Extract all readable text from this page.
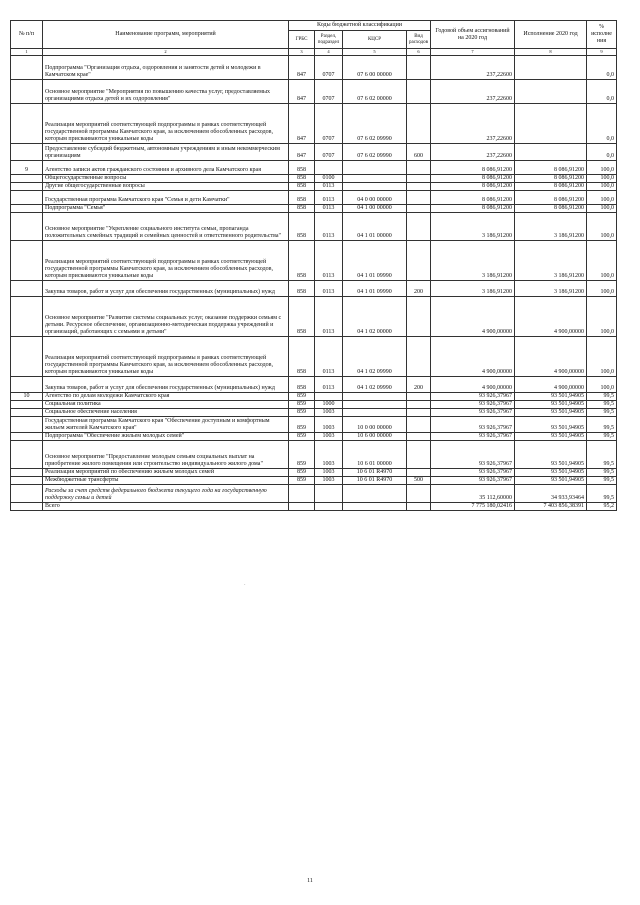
№ п/п	Наименование программ, мероприятий	Коды бюджетной классификации				Годовой объем ассигнований на 2020 год	Исполнение 2020 год	% исполне ния
		ГРБС	Раздел, подраздел	КЦСР	Вид расходов			
1	2	3	4	5	6	7	8	9
	Подпрограмма "Организация отдыха, оздоровления и занятости детей и молодежи в Камчатском крае"	847	0707	07 6 00 00000		237,22600		0,0
	Основное мероприятие "Мероприятия по повышению качества услуг, предоставляемых организациями отдыха детей и их оздоровления"	847	0707	07 6 02 00000		237,22600		0,0
	Реализация мероприятий соответствующей подпрограммы в рамках соответствующей государственной программы Камчатского края, за исключением обособленных расходов, которым присваиваются уникальные коды	847	0707	07 6 02 09990		237,22600		0,0
	Предоставление субсидий бюджетным, автономным учреждениям и иным некоммерческим организациям	847	0707	07 6 02 09990	600	237,22600		0,0
9	Агентство записи актов гражданского состояния и архивного дела Камчатского края	858				8 086,91200	8 086,91200	100,0
	Общегосударственные вопросы	858	0100			8 086,91200	8 086,91200	100,0
	Другие общегосударственные вопросы	858	0113			8 086,91200	8 086,91200	100,0
	Государственная программа Камчатского края "Семья и дети Камчатки"	858	0113	04 0 00 00000		8 086,91200	8 086,91200	100,0
	Подпрограмма "Семья"	858	0113	04 1 00 00000		8 086,91200	8 086,91200	100,0
	Основное мероприятие "Укрепление социального института семьи, пропаганда положительных семейных традиций и семейных ценностей и ответственного родительства"	858	0113	04 1 01 00000		3 186,91200	3 186,91200	100,0
	Реализация мероприятий соответствующей подпрограммы в рамках соответствующей государственной программы Камчатского края, за исключением обособленных расходов, которым присваиваются уникальные коды	858	0113	04 1 01 09990		3 186,91200	3 186,91200	100,0
	Закупка товаров, работ и услуг для обеспечения государственных (муниципальных) нужд	858	0113	04 1 01 09990	200	3 186,91200	3 186,91200	100,0
	Основное мероприятие "Развитие системы социальных услуг, оказание поддержки семьям с детьми. Ресурсное обеспечение, организационно-методическая поддержка учреждений и организаций, работающих с семьями и детьми"	858	0113	04 1 02 00000		4 900,00000	4 900,00000	100,0
	Реализация мероприятий соответствующей подпрограммы в рамках соответствующей государственной программы Камчатского края, за исключением обособленных расходов, которым присваиваются уникальные коды	858	0113	04 1 02 09990		4 900,00000	4 900,00000	100,0
	Закупка товаров, работ и услуг для обеспечения государственных (муниципальных) нужд	858	0113	04 1 02 09990	200	4 900,00000	4 900,00000	100,0
10	Агентство по делам молодежи Камчатского края	859				93 926,37967	93 501,94905	99,5
	Социальная политика	859	1000			93 926,37967	93 501,94905	99,5
	Социальное обеспечение населения	859	1003			93 926,37967	93 501,94905	99,5
	Государственная программа Камчатского края "Обеспечение доступным и комфортным жильем жителей Камчатского края"	859	1003	10 0 00 00000		93 926,37967	93 501,94905	99,5
	Подпрограмма "Обеспечение жильем молодых семей"	859	1003	10 6 00 00000		93 926,37967	93 501,94905	99,5
	Основное мероприятие "Предоставление молодым семьям социальных выплат на приобретение жилого помещения или строительство индивидуального жилого дома"	859	1003	10 6 01 00000		93 926,37967	93 501,94905	99,5
	Реализация мероприятий по обеспечению жильем молодых семей	859	1003	10 6 01 R4970		93 926,37967	93 501,94905	99,5
	Межбюджетные трансферты	859	1003	10 6 01 R4970	500	93 926,37967	93 501,94905	99,5
	Расходы за счет средств федерального бюджета текущего года на государственную поддержку семьи и детей					35 112,60000	34 933,93464	99,5
	Всего					7 775 180,02416	7 403 856,38391	95,2
·
11
